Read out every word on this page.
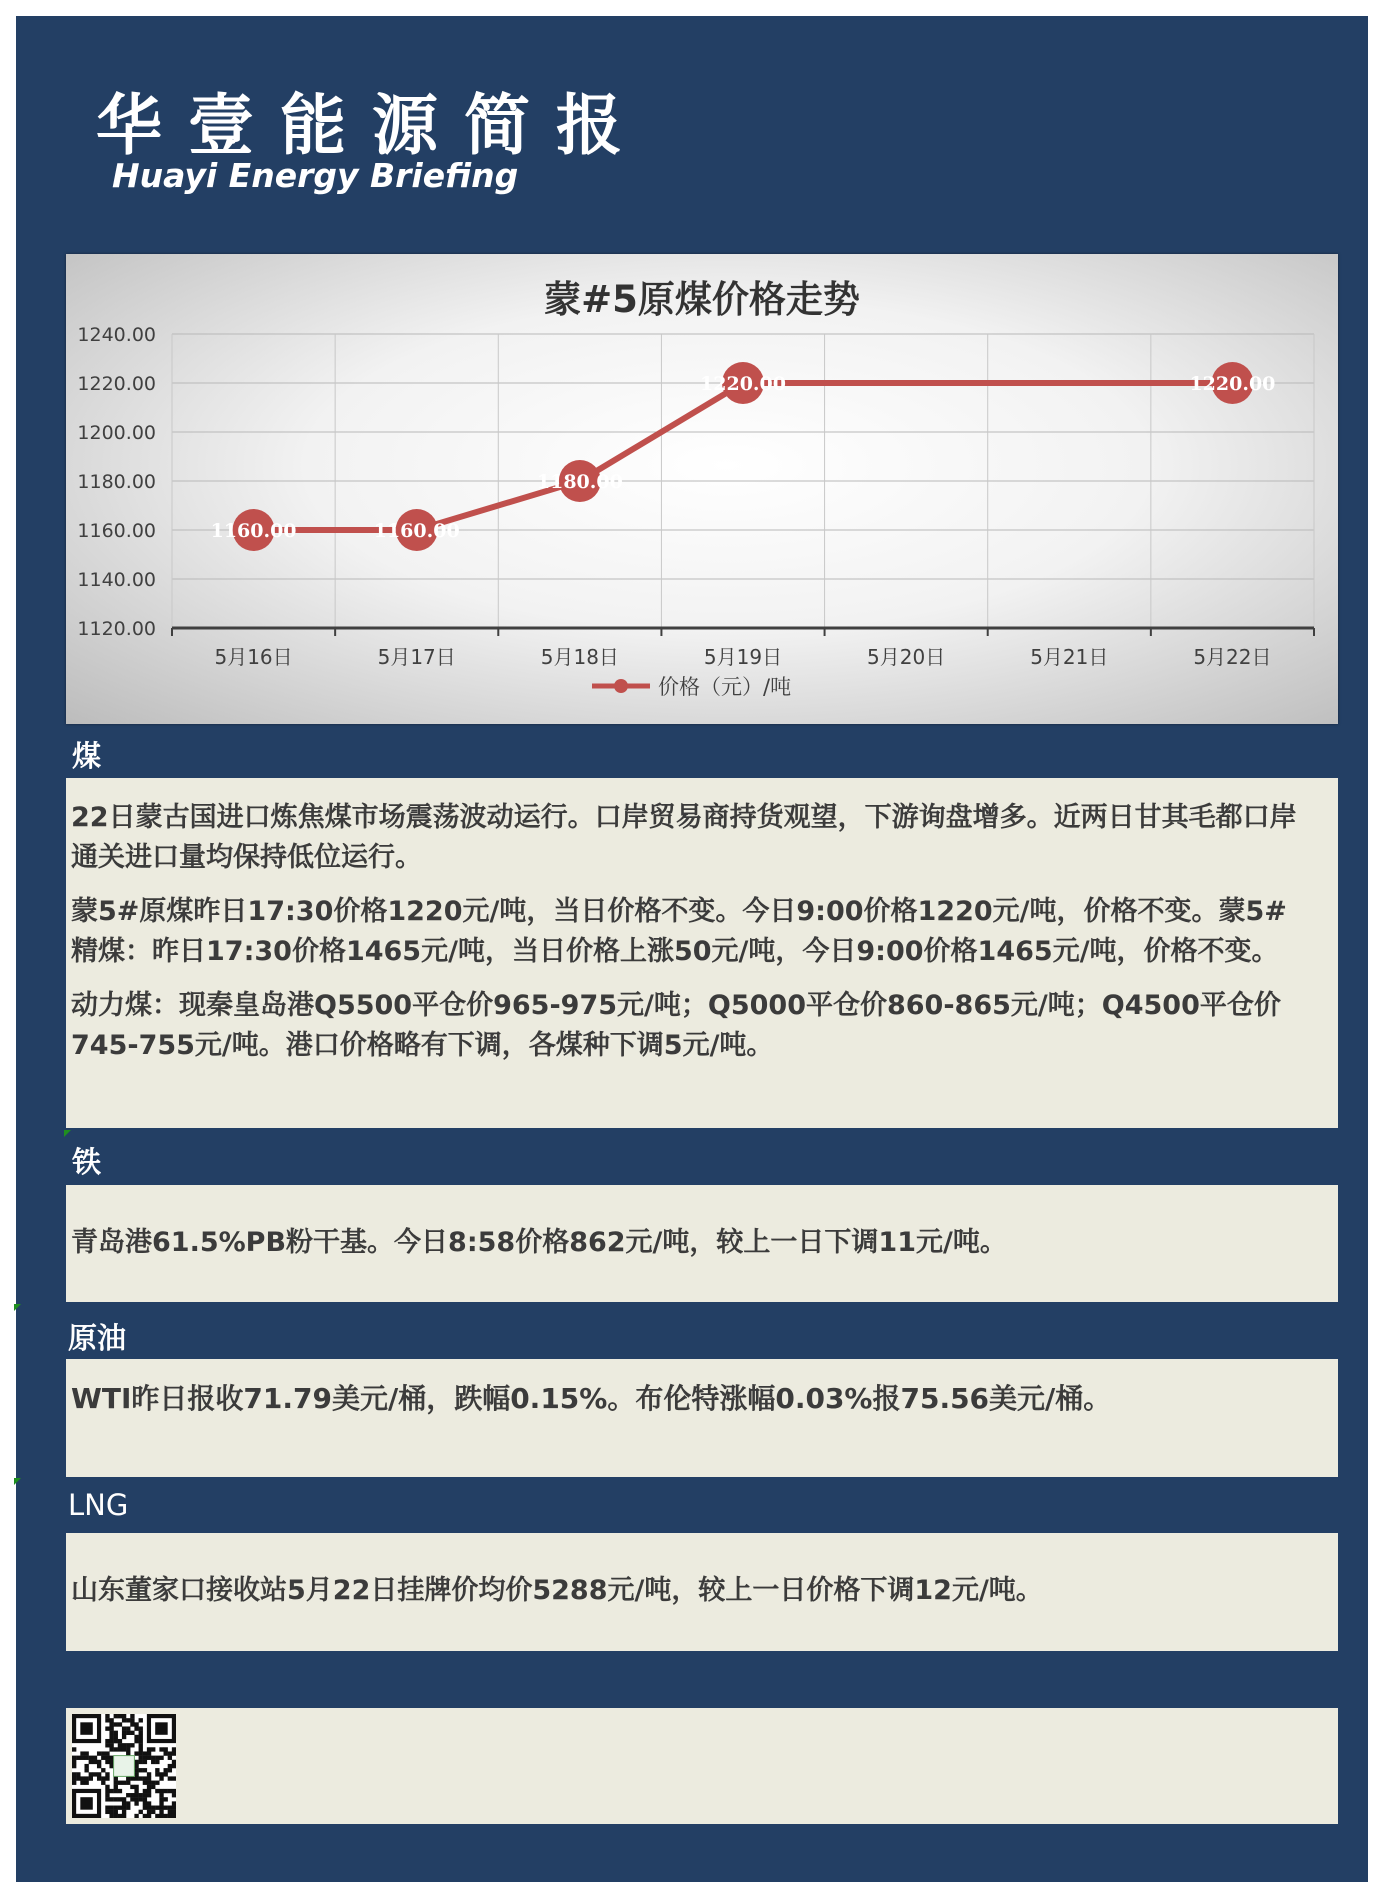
华壹能源简报
Huayi Energy Briefing
蒙#5原煤价格走势
1120.00
1140.00
1160.00
1180.00
1200.00
1220.00
1240.00
5月16日	5月17日	5月18日	5月19日	5月20日	5月21日	5月22日
1160.00	1160.00
1180.00
1220.00	1220.00
价格（元）/吨
煤

22日蒙古国进口炼焦煤市场震荡波动运行。口岸贸易商持货观望，下游询盘增多。近两日甘其毛都口岸通关进口量均保持低位运行。

蒙5#原煤昨日17:30价格1220元/吨，当日价格不变。今日9:00价格1220元/吨，价格不变。蒙5#精煤：昨日17:30价格1465元/吨，当日价格上涨50元/吨，今日9:00价格1465元/吨，价格不变。

动力煤：现秦皇岛港Q5500平仓价965-975元/吨；Q5000平仓价860-865元/吨；Q4500平仓价745-755元/吨。港口价格略有下调，各煤种下调5元/吨。

铁

青岛港61.5%PB粉干基。今日8:58价格862元/吨，较上一日下调11元/吨。

原油

WTI昨日报收71.79美元/桶，跌幅0.15%。布伦特涨幅0.03%报75.56美元/桶。

LNG

山东董家口接收站5月22日挂牌价均价5288元/吨，较上一日价格下调12元/吨。
